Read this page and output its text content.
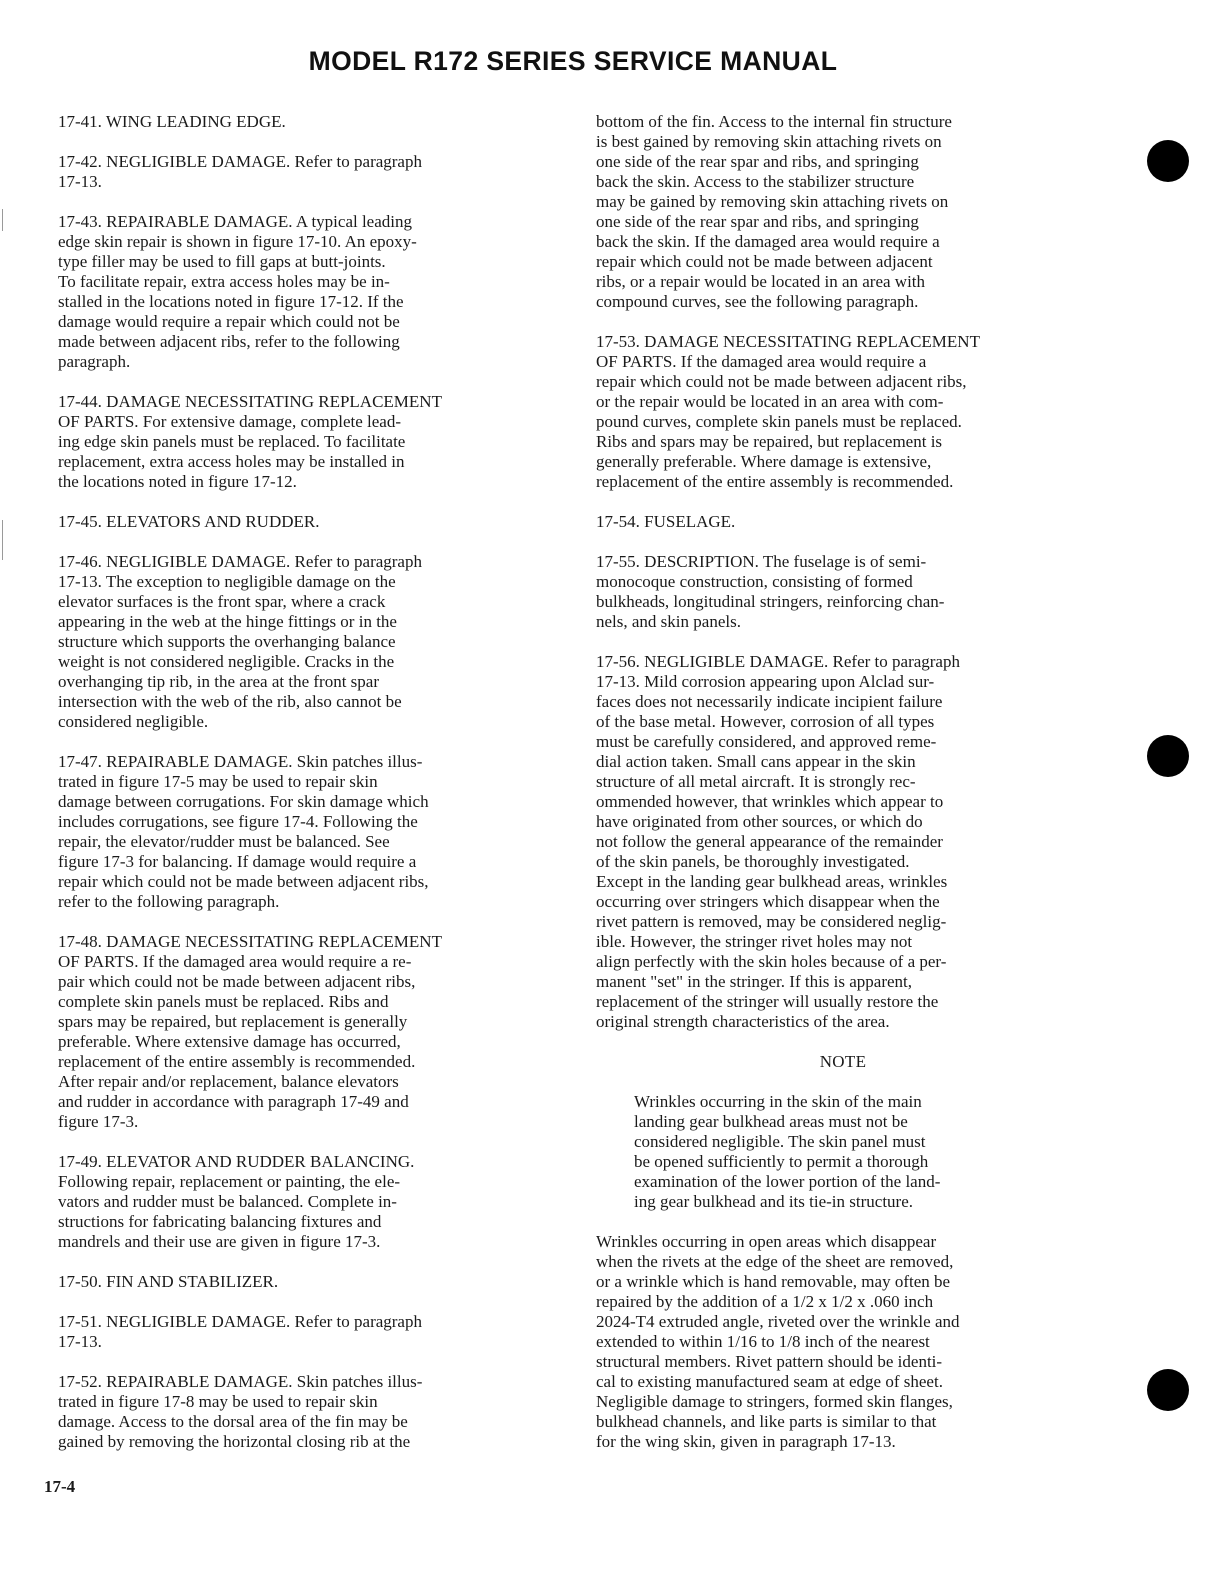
MODEL R172 SERIES SERVICE MANUAL
17-41. WING LEADING EDGE.
17-42. NEGLIGIBLE DAMAGE. Refer to paragraph
17-13.
17-43. REPAIRABLE DAMAGE. A typical leading
edge skin repair is shown in figure 17-10. An epoxy-
type filler may be used to fill gaps at butt-joints.
To facilitate repair, extra access holes may be in-
stalled in the locations noted in figure 17-12. If the
damage would require a repair which could not be
made between adjacent ribs, refer to the following
paragraph.
17-44. DAMAGE NECESSITATING REPLACEMENT
OF PARTS. For extensive damage, complete lead-
ing edge skin panels must be replaced. To facilitate
replacement, extra access holes may be installed in
the locations noted in figure 17-12.
17-45. ELEVATORS AND RUDDER.
17-46. NEGLIGIBLE DAMAGE. Refer to paragraph
17-13. The exception to negligible damage on the
elevator surfaces is the front spar, where a crack
appearing in the web at the hinge fittings or in the
structure which supports the overhanging balance
weight is not considered negligible. Cracks in the
overhanging tip rib, in the area at the front spar
intersection with the web of the rib, also cannot be
considered negligible.
17-47. REPAIRABLE DAMAGE. Skin patches illus-
trated in figure 17-5 may be used to repair skin
damage between corrugations. For skin damage which
includes corrugations, see figure 17-4. Following the
repair, the elevator/rudder must be balanced. See
figure 17-3 for balancing. If damage would require a
repair which could not be made between adjacent ribs,
refer to the following paragraph.
17-48. DAMAGE NECESSITATING REPLACEMENT
OF PARTS. If the damaged area would require a re-
pair which could not be made between adjacent ribs,
complete skin panels must be replaced. Ribs and
spars may be repaired, but replacement is generally
preferable. Where extensive damage has occurred,
replacement of the entire assembly is recommended.
After repair and/or replacement, balance elevators
and rudder in accordance with paragraph 17-49 and
figure 17-3.
17-49. ELEVATOR AND RUDDER BALANCING.
Following repair, replacement or painting, the ele-
vators and rudder must be balanced. Complete in-
structions for fabricating balancing fixtures and
mandrels and their use are given in figure 17-3.
17-50. FIN AND STABILIZER.
17-51. NEGLIGIBLE DAMAGE. Refer to paragraph
17-13.
17-52. REPAIRABLE DAMAGE. Skin patches illus-
trated in figure 17-8 may be used to repair skin
damage. Access to the dorsal area of the fin may be
gained by removing the horizontal closing rib at the
bottom of the fin. Access to the internal fin structure
is best gained by removing skin attaching rivets on
one side of the rear spar and ribs, and springing
back the skin. Access to the stabilizer structure
may be gained by removing skin attaching rivets on
one side of the rear spar and ribs, and springing
back the skin. If the damaged area would require a
repair which could not be made between adjacent
ribs, or a repair would be located in an area with
compound curves, see the following paragraph.
17-53. DAMAGE NECESSITATING REPLACEMENT
OF PARTS. If the damaged area would require a
repair which could not be made between adjacent ribs,
or the repair would be located in an area with com-
pound curves, complete skin panels must be replaced.
Ribs and spars may be repaired, but replacement is
generally preferable. Where damage is extensive,
replacement of the entire assembly is recommended.
17-54. FUSELAGE.
17-55. DESCRIPTION. The fuselage is of semi-
monocoque construction, consisting of formed
bulkheads, longitudinal stringers, reinforcing chan-
nels, and skin panels.
17-56. NEGLIGIBLE DAMAGE. Refer to paragraph
17-13. Mild corrosion appearing upon Alclad sur-
faces does not necessarily indicate incipient failure
of the base metal. However, corrosion of all types
must be carefully considered, and approved reme-
dial action taken. Small cans appear in the skin
structure of all metal aircraft. It is strongly rec-
ommended however, that wrinkles which appear to
have originated from other sources, or which do
not follow the general appearance of the remainder
of the skin panels, be thoroughly investigated.
Except in the landing gear bulkhead areas, wrinkles
occurring over stringers which disappear when the
rivet pattern is removed, may be considered neglig-
ible. However, the stringer rivet holes may not
align perfectly with the skin holes because of a per-
manent "set" in the stringer. If this is apparent,
replacement of the stringer will usually restore the
original strength characteristics of the area.
NOTE
Wrinkles occurring in the skin of the main
landing gear bulkhead areas must not be
considered negligible. The skin panel must
be opened sufficiently to permit a thorough
examination of the lower portion of the land-
ing gear bulkhead and its tie-in structure.
Wrinkles occurring in open areas which disappear
when the rivets at the edge of the sheet are removed,
or a wrinkle which is hand removable, may often be
repaired by the addition of a 1/2 x 1/2 x .060 inch
2024-T4 extruded angle, riveted over the wrinkle and
extended to within 1/16 to 1/8 inch of the nearest
structural members. Rivet pattern should be identi-
cal to existing manufactured seam at edge of sheet.
Negligible damage to stringers, formed skin flanges,
bulkhead channels, and like parts is similar to that
for the wing skin, given in paragraph 17-13.
17-4
